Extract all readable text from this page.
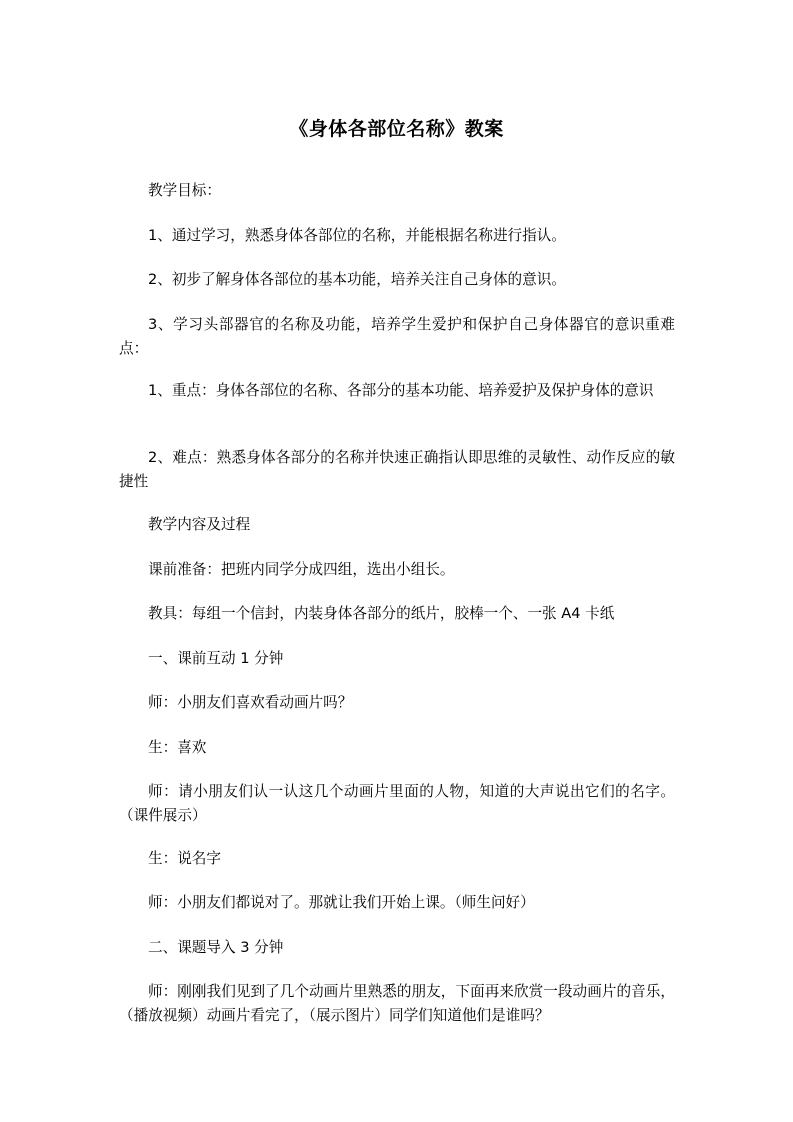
《身体各部位名称》教案
教学目标：
1、通过学习，熟悉身体各部位的名称，并能根据名称进行指认。
2、初步了解身体各部位的基本功能，培养关注自己身体的意识。
3、学习头部器官的名称及功能，培养学生爱护和保护自己身体器官的意识重难点：
1、重点：身体各部位的名称、各部分的基本功能、培养爱护及保护身体的意识
2、难点：熟悉身体各部分的名称并快速正确指认即思维的灵敏性、动作反应的敏捷性
教学内容及过程
课前准备：把班内同学分成四组，选出小组长。
教具：每组一个信封，内装身体各部分的纸片，胶棒一个、一张 A4 卡纸
一、课前互动 1 分钟
师：小朋友们喜欢看动画片吗？
生：喜欢
师：请小朋友们认一认这几个动画片里面的人物，知道的大声说出它们的名字。（课件展示）
生：说名字
师：小朋友们都说对了。那就让我们开始上课。（师生问好）
二、课题导入 3 分钟
师：刚刚我们见到了几个动画片里熟悉的朋友，下面再来欣赏一段动画片的音乐，（播放视频）动画片看完了，（展示图片）同学们知道他们是谁吗？
